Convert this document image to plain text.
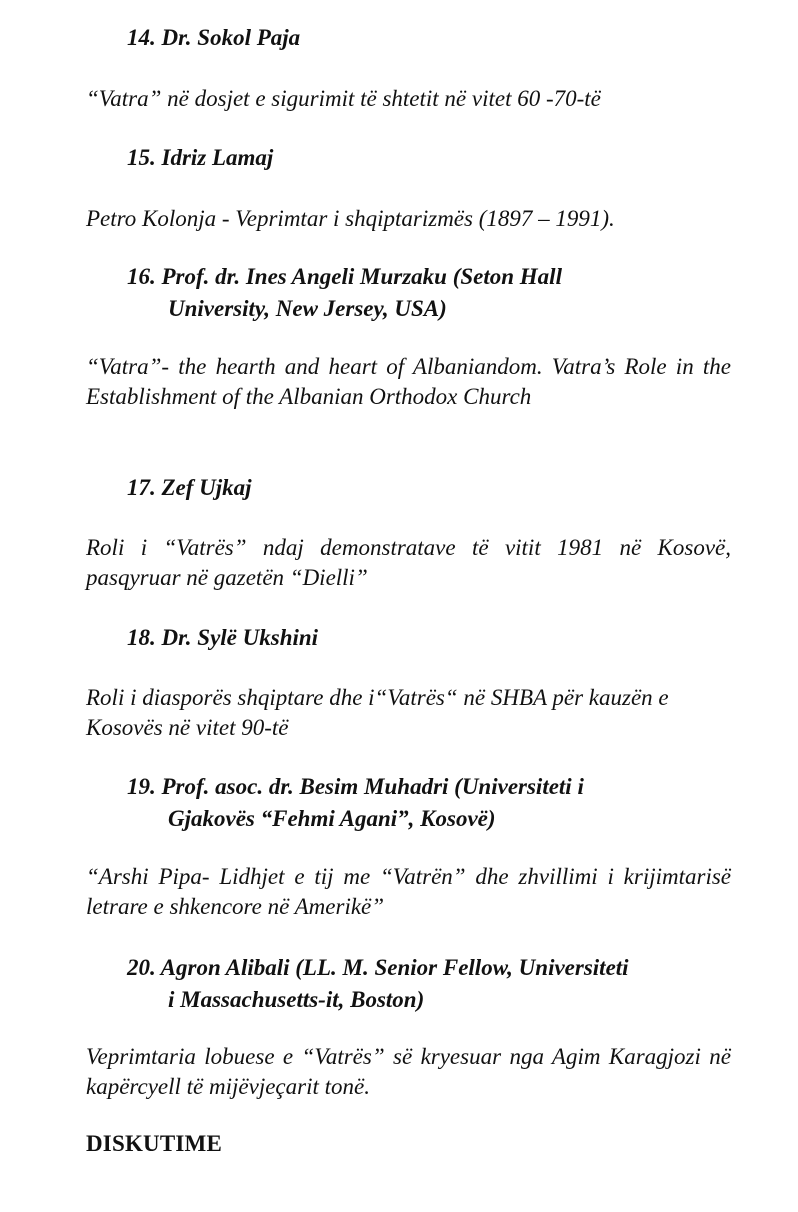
14. Dr. Sokol Paja
“Vatra” në dosjet e sigurimit të shtetit në vitet 60 -70-të
15. Idriz Lamaj
Petro Kolonja - Veprimtar i shqiptarizmës (1897 – 1991).
16. Prof. dr. Ines Angeli Murzaku (Seton Hall
University, New Jersey, USA)
“Vatra”- the hearth and heart of Albaniandom. Vatra’s Role in the Establishment of the Albanian Orthodox Church
17. Zef Ujkaj
Roli i “Vatrës” ndaj demonstratave të vitit 1981 në Kosovë, pasqyruar në gazetën “Dielli”
18. Dr. Sylë Ukshini
Roli i diasporës shqiptare dhe i“Vatrës“ në SHBA për kauzën e Kosovës në vitet 90-të
19. Prof. asoc. dr. Besim Muhadri (Universiteti i
Gjakovës “Fehmi Agani”, Kosovë)
“Arshi Pipa- Lidhjet e tij me “Vatrën” dhe zhvillimi i krijimtarisë letrare e shkencore në Amerikë”
20. Agron Alibali (LL. M. Senior Fellow, Universiteti
i Massachusetts-it, Boston)
Veprimtaria lobuese e “Vatrës” së kryesuar nga Agim Karagjozi në kapërcyell të mijëvjeçarit tonë.
DISKUTIME
